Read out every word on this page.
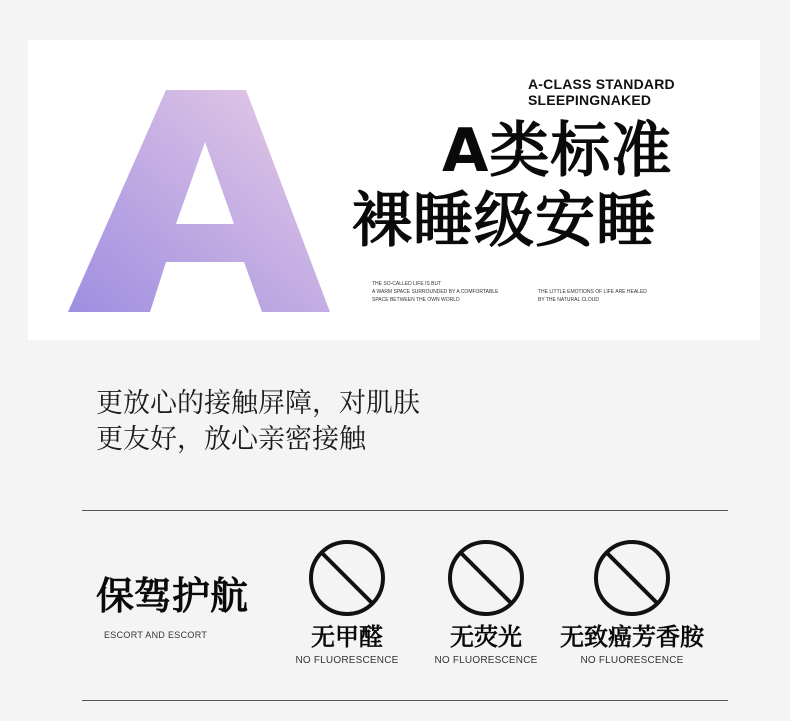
A-CLASS STANDARD
SLEEPINGNAKED
A类标准
裸睡级安睡
THE SO-CALLED LIFE IS BUT
A WARM SPACE SURROUNDED BY A COMFORTABLE
SPACE BETWEEN THE OWN WORLD
THE LITTLE EMOTIONS OF LIFE ARE HEALED
BY THE NATURAL CLOUD
更放心的接触屏障，对肌肤
更友好，放心亲密接触
保驾护航
ESCORT AND ESCORT	无甲醛
NO FLUORESCENCE
无荧光
NO FLUORESCENCE
无致癌芳香胺
NO FLUORESCENCE
